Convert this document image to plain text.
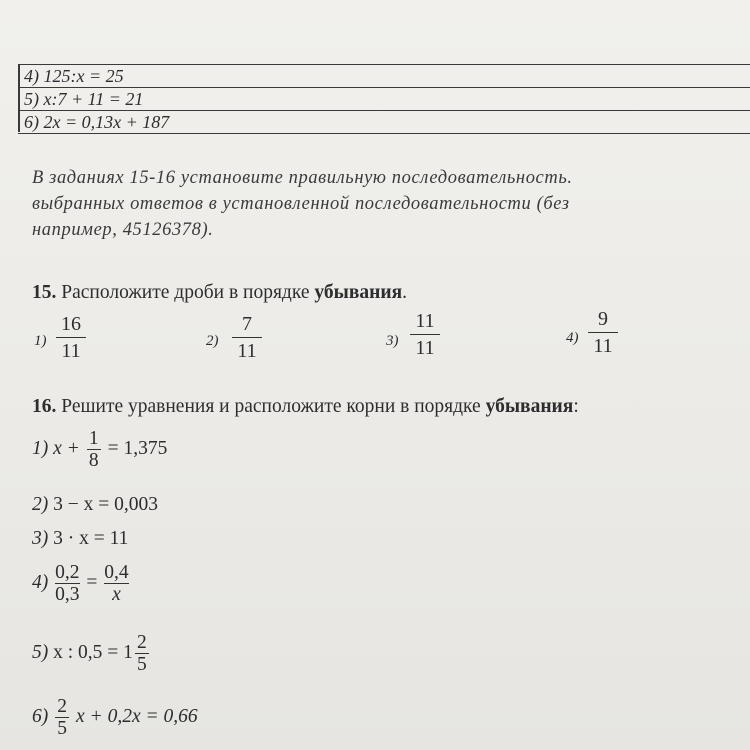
4) 125:x = 25
5) x:7 + 11 = 21
6) 2x = 0,13x + 187
В заданиях 15-16 установите правильную последовательность.
выбранных ответов в установленной последовательности (без
например, 45126378).
15. Расположите дроби в порядке убывания.
1)
16
11	2)
7
11	3)
11
11	4)
9
11
16. Решите уравнения и расположите корни в порядке убывания:
1) $x + \frac{1}{8} = 1,375$
2) 3 − x = 0,003
3) 3 · x = 11
$4) \frac{0,2}{0,3} = \frac{0,4}{x}$
5) x : $0,5 = 1 \frac{2}{5}$
$6) \frac{2}{5}$ x + 0,2x = 0,66
